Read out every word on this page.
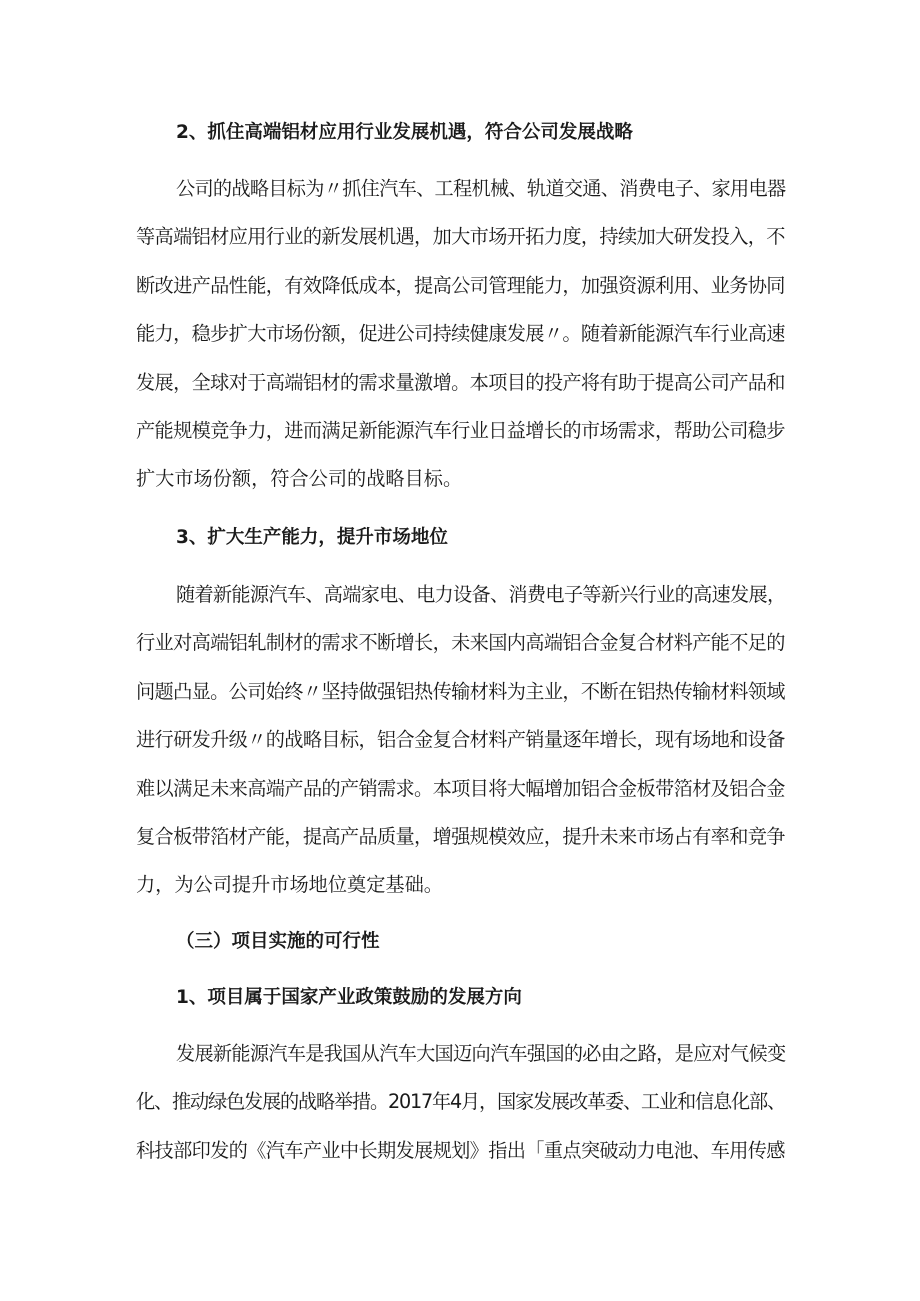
2、抓住高端铝材应用行业发展机遇，符合公司发展战略
公司的战略目标为〃抓住汽车、工程机械、轨道交通、消费电子、家用电器
等高端铝材应用行业的新发展机遇，加大市场开拓力度，持续加大研发投入，不
断改进产品性能，有效降低成本，提高公司管理能力，加强资源利用、业务协同
能力，稳步扩大市场份额，促进公司持续健康发展〃。随着新能源汽车行业高速
发展，全球对于高端铝材的需求量激增。本项目的投产将有助于提高公司产品和
产能规模竞争力，进而满足新能源汽车行业日益增长的市场需求，帮助公司稳步
扩大市场份额，符合公司的战略目标。
3、扩大生产能力，提升市场地位
随着新能源汽车、高端家电、电力设备、消费电子等新兴行业的高速发展，
行业对高端铝轧制材的需求不断增长，未来国内高端铝合金复合材料产能不足的
问题凸显。公司始终〃坚持做强铝热传输材料为主业，不断在铝热传输材料领域
进行研发升级〃的战略目标，铝合金复合材料产销量逐年增长，现有场地和设备
难以满足未来高端产品的产销需求。本项目将大幅增加铝合金板带箔材及铝合金
复合板带箔材产能，提高产品质量，增强规模效应，提升未来市场占有率和竞争
力，为公司提升市场地位奠定基础。
（三）项目实施的可行性
1、项目属于国家产业政策鼓励的发展方向
发展新能源汽车是我国从汽车大国迈向汽车强国的必由之路，是应对气候变
化、推动绿色发展的战略举措。2017年4月，国家发展改革委、工业和信息化部、
科技部印发的《汽车产业中长期发展规划》指出「重点突破动力电池、车用传感
